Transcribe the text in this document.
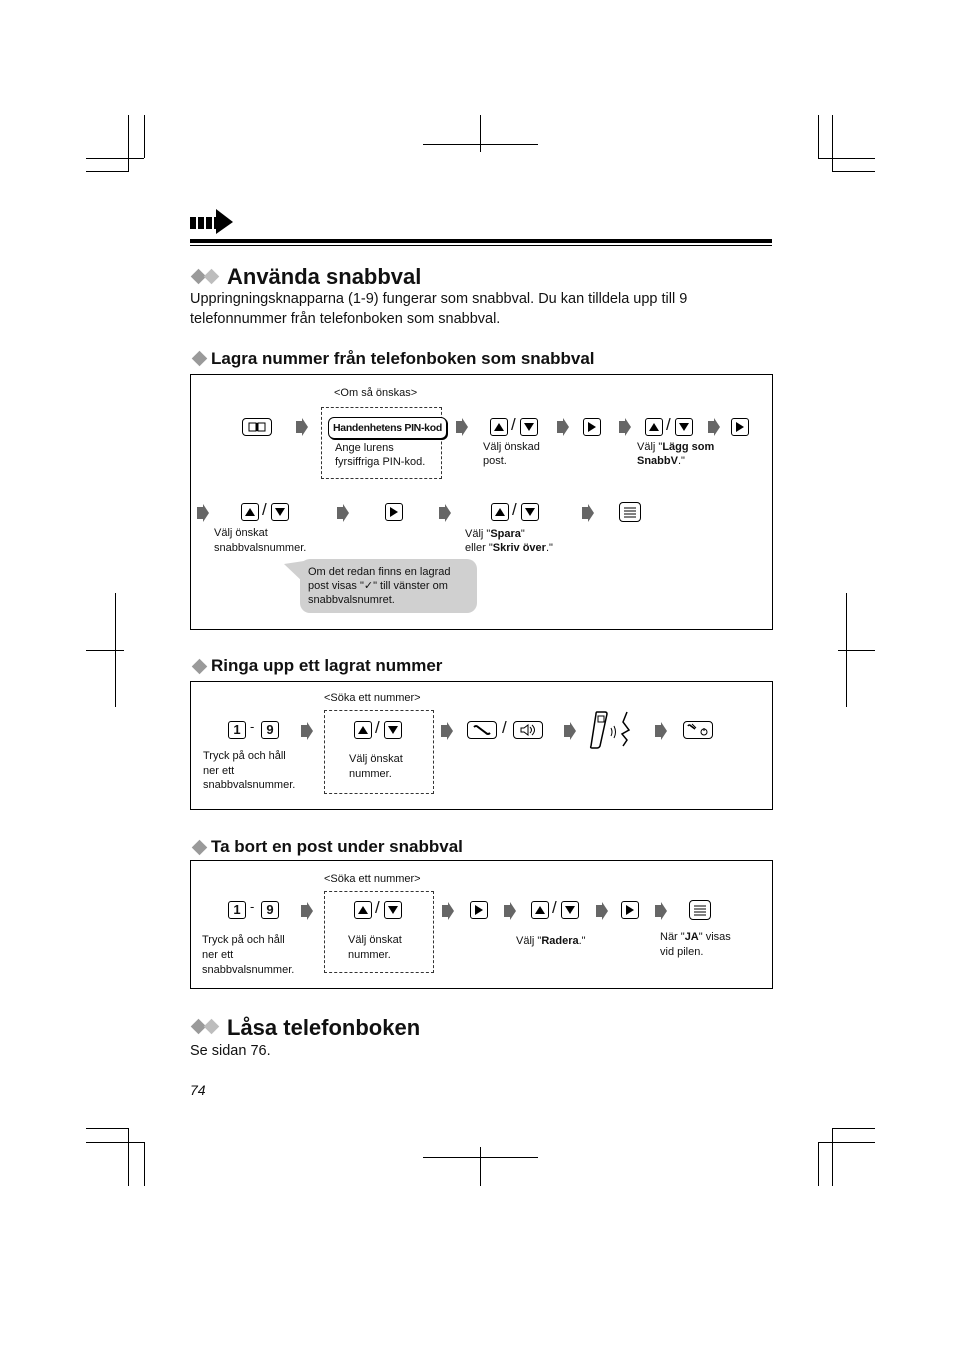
Använda snabbval
Uppringningsknapparna (1-9) fungerar som snabbval. Du kan tilldela upp till 9 telefonnummer från telefonboken som snabbval.
Lagra nummer från telefonboken som snabbval
<Om så önskas>
Handenhetens PIN-kod
Ange lurens
fyrsiffriga PIN-kod.
/
Välj önskad
post.
/
Välj "Lägg som SnabbV."
/
Välj önskat
snabbvalsnummer.
/
Välj "Spara"
eller "Skriv över."
Om det redan finns en lagrad post visas "✓" till vänster om snabbvalsnumret.
Ringa upp ett lagrat nummer
1 - 9
Tryck på och håll
ner ett
snabbvalsnummer.
<Söka ett nummer>
/
Välj önskat
nummer.
/
Ta bort en post under snabbval
1 - 9
Tryck på och håll
ner ett
snabbvalsnummer.
<Söka ett nummer>
/
Välj önskat
nummer.
/
Välj "Radera."	När "JA" visas
vid pilen.
Låsa telefonboken
Se sidan 76.
74
